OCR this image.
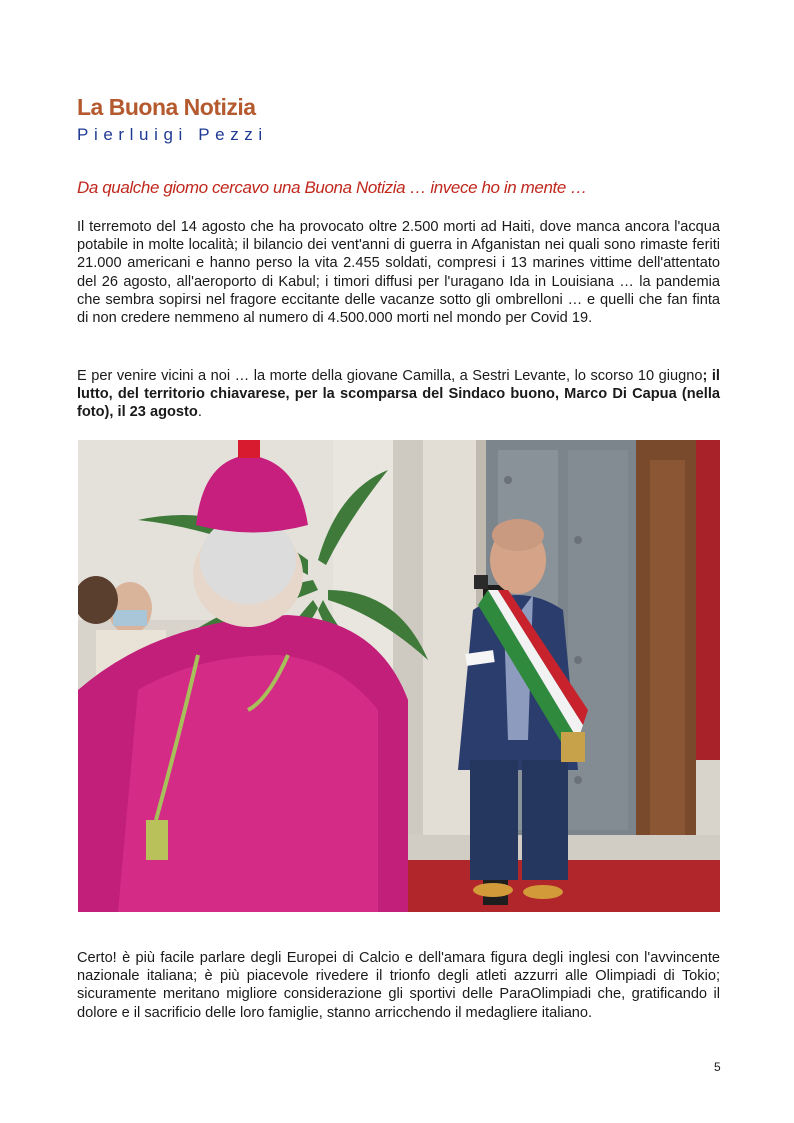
La Buona Notizia

Pierluigi Pezzi

Da qualche giomo cercavo una Buona Notizia … invece ho in mente …

Il terremoto del 14 agosto che ha provocato oltre 2.500 morti ad Haiti, dove manca ancora l'acqua potabile in molte località; il bilancio dei vent'anni di guerra in Afganistan nei quali sono rimaste feriti 21.000 americani e hanno perso la vita 2.455 soldati, compresi i 13 marines vittime dell'attentato del 26 agosto, all'aeroporto di Kabul; i timori diffusi per l'uragano Ida in Louisiana … la pandemia che sembra sopirsi nel fragore eccitante delle vacanze sotto gli ombrelloni … e quelli che fan finta di non credere nemmeno al numero di 4.500.000 morti nel mondo per Covid 19.

E per venire vicini a noi … la morte della giovane Camilla, a Sestri Levante, lo scorso 10 giugno; il lutto, del territorio chiavarese, per la scomparsa del Sindaco buono, Marco Di Capua (nella foto), il 23 agosto.

Certo! è più facile parlare degli Europei di Calcio e dell'amara figura degli inglesi con l'avvincente nazionale italiana; è più piacevole rivedere il trionfo degli atleti azzurri alle Olimpiadi di Tokio; sicuramente meritano migliore considerazione gli sportivi delle ParaOlimpiadi che, gratificando il dolore e il sacrificio delle loro famiglie, stanno arricchendo il medagliere italiano.

5
